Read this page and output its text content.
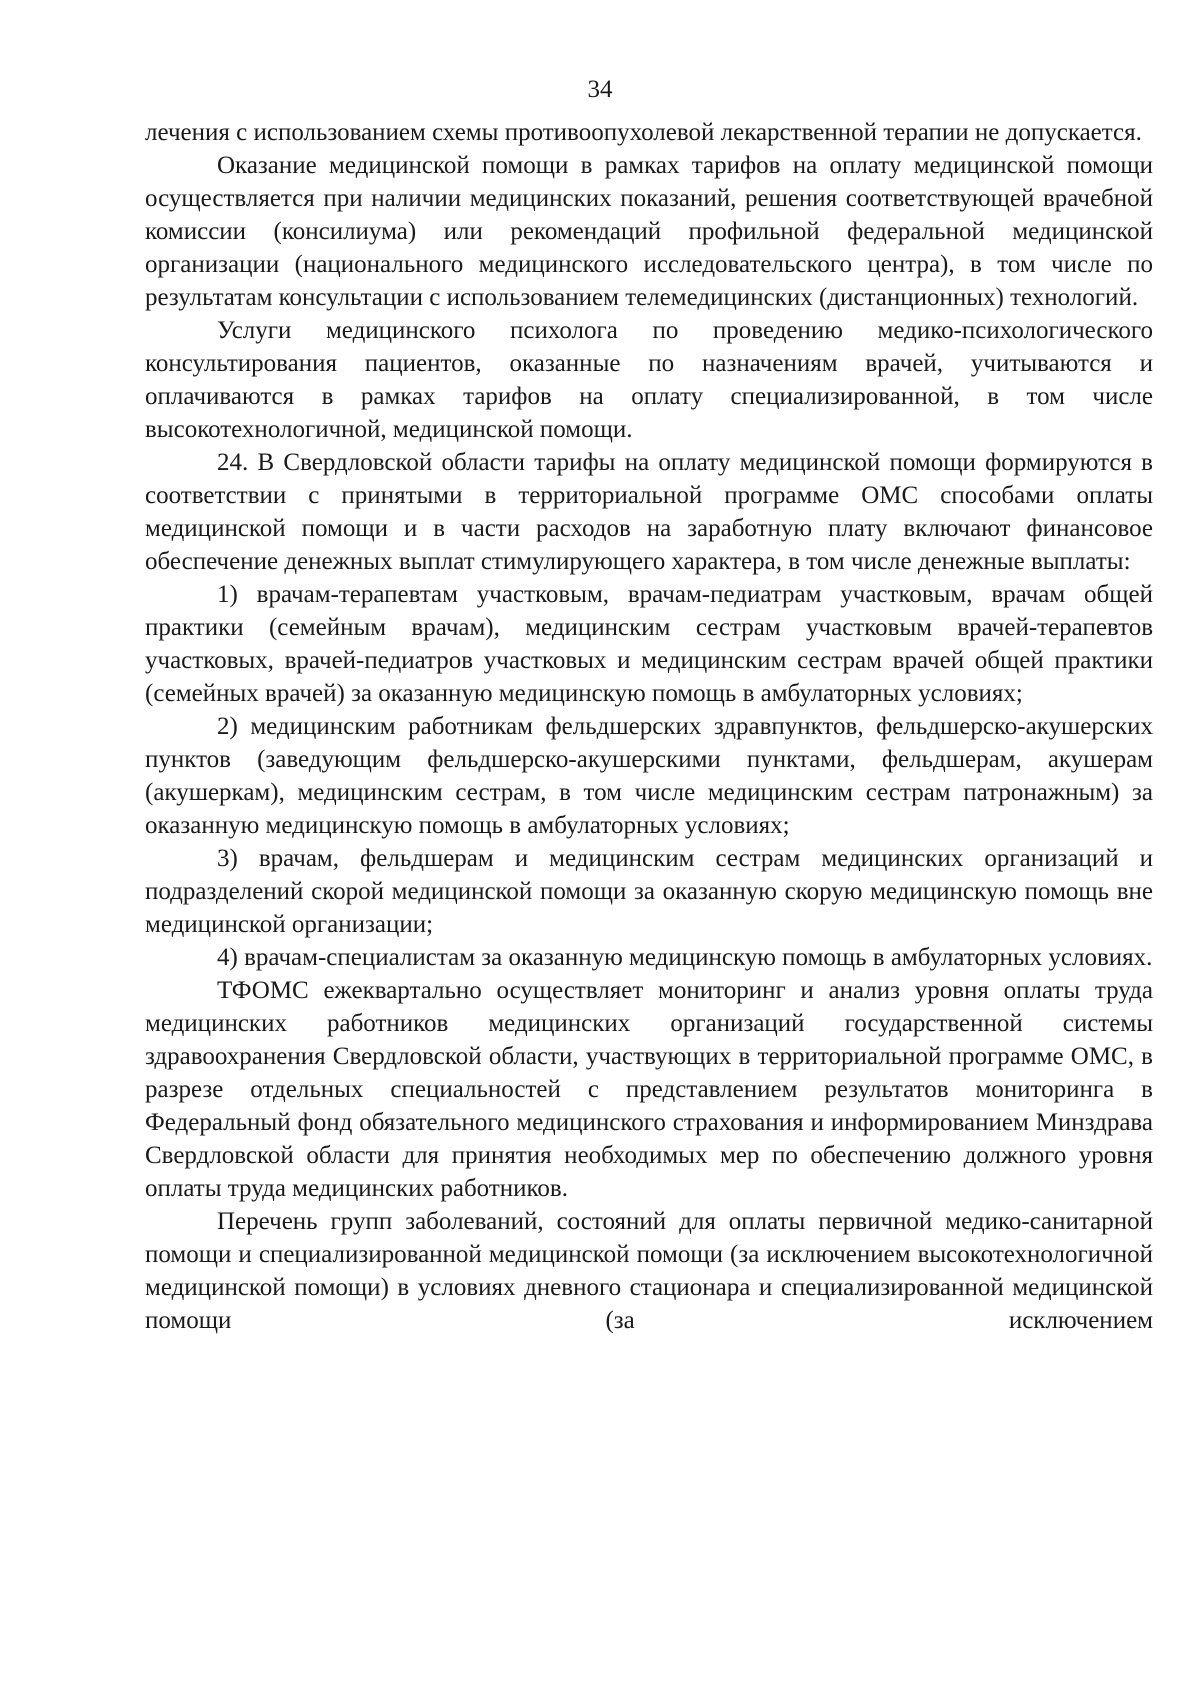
34

лечения с использованием схемы противоопухолевой лекарственной терапии не допускается.

Оказание медицинской помощи в рамках тарифов на оплату медицинской помощи осуществляется при наличии медицинских показаний, решения соответствующей врачебной комиссии (консилиума) или рекомендаций профильной федеральной медицинской организации (национального медицинского исследовательского центра), в том числе по результатам консультации с использованием телемедицинских (дистанционных) технологий.

Услуги медицинского психолога по проведению медико-психологического консультирования пациентов, оказанные по назначениям врачей, учитываются и оплачиваются в рамках тарифов на оплату специализированной, в том числе высокотехнологичной, медицинской помощи.

24. В Свердловской области тарифы на оплату медицинской помощи формируются в соответствии с принятыми в территориальной программе ОМС способами оплаты медицинской помощи и в части расходов на заработную плату включают финансовое обеспечение денежных выплат стимулирующего характера, в том числе денежные выплаты:

1) врачам-терапевтам участковым, врачам-педиатрам участковым, врачам общей практики (семейным врачам), медицинским сестрам участковым врачей-терапевтов участковых, врачей-педиатров участковых и медицинским сестрам врачей общей практики (семейных врачей) за оказанную медицинскую помощь в амбулаторных условиях;

2) медицинским работникам фельдшерских здравпунктов, фельдшерско-акушерских пунктов (заведующим фельдшерско-акушерскими пунктами, фельдшерам, акушерам (акушеркам), медицинским сестрам, в том числе медицинским сестрам патронажным) за оказанную медицинскую помощь в амбулаторных условиях;

3) врачам, фельдшерам и медицинским сестрам медицинских организаций и подразделений скорой медицинской помощи за оказанную скорую медицинскую помощь вне медицинской организации;

4) врачам-специалистам за оказанную медицинскую помощь в амбулаторных условиях.

ТФОМС ежеквартально осуществляет мониторинг и анализ уровня оплаты труда медицинских работников медицинских организаций государственной системы здравоохранения Свердловской области, участвующих в территориальной программе ОМС, в разрезе отдельных специальностей с представлением результатов мониторинга в Федеральный фонд обязательного медицинского страхования и информированием Минздрава Свердловской области для принятия необходимых мер по обеспечению должного уровня оплаты труда медицинских работников.

Перечень групп заболеваний, состояний для оплаты первичной медико-санитарной помощи и специализированной медицинской помощи (за исключением высокотехнологичной медицинской помощи) в условиях дневного стационара и специализированной медицинской помощи (за исключением
